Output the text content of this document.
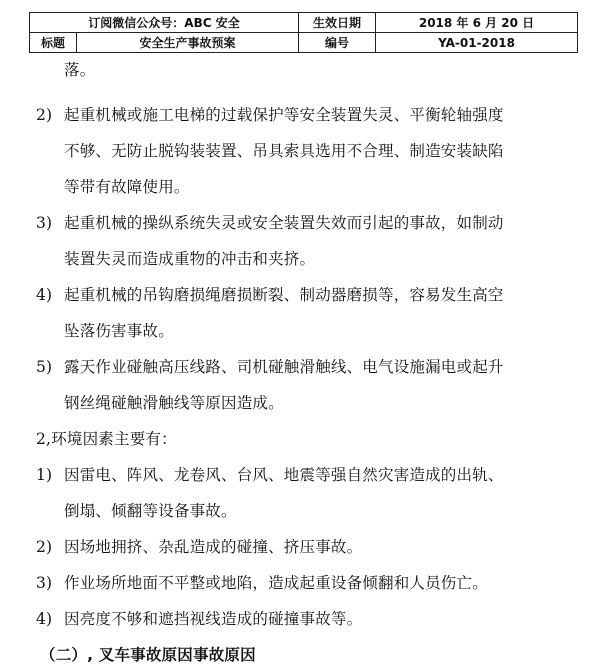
订阅微信公众号：ABC 安全		生效日期	2018 年 6 月 20 日
标题	安全生产事故预案	编号	YA-01-2018
落。
2) 起重机械或施工电梯的过载保护等安全装置失灵、平衡轮轴强度
不够、无防止脱钩装装置、吊具索具选用不合理、制造安装缺陷
等带有故障使用。
3) 起重机械的操纵系统失灵或安全装置失效而引起的事故，如制动
装置失灵而造成重物的冲击和夹挤。
4) 起重机械的吊钩磨损绳磨损断裂、制动器磨损等，容易发生高空
坠落伤害事故。
5) 露天作业碰触高压线路、司机碰触滑触线、电气设施漏电或起升
钢丝绳碰触滑触线等原因造成。
2,环境因素主要有：
1) 因雷电、阵风、龙卷风、台风、地震等强自然灾害造成的出轨、
倒塌、倾翻等设备事故。
2) 因场地拥挤、杂乱造成的碰撞、挤压事故。
3) 作业场所地面不平整或地陷，造成起重设备倾翻和人员伤亡。
4) 因亮度不够和遮挡视线造成的碰撞事故等。
（二）, 叉车事故原因事故原因
